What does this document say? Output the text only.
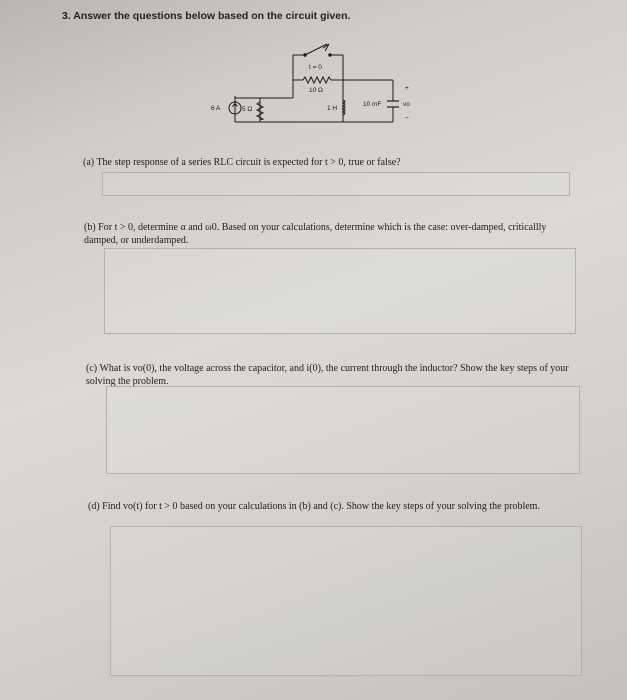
3. Answer the questions below based on the circuit given.
t = 0
10 Ω
6 A	5 Ω	1 H
10 mF
+
vo
−
(a) The step response of a series RLC circuit is expected for t > 0, true or false?
(b) For t > 0, determine α and ω0. Based on your calculations, determine which is the case: over-damped, criticallly damped, or underdamped.
(c) What is vo(0), the voltage across the capacitor, and i(0), the current through the inductor? Show the key steps of your solving the problem.
(d) Find vo(t) for t > 0 based on your calculations in (b) and (c). Show the key steps of your solving the problem.
